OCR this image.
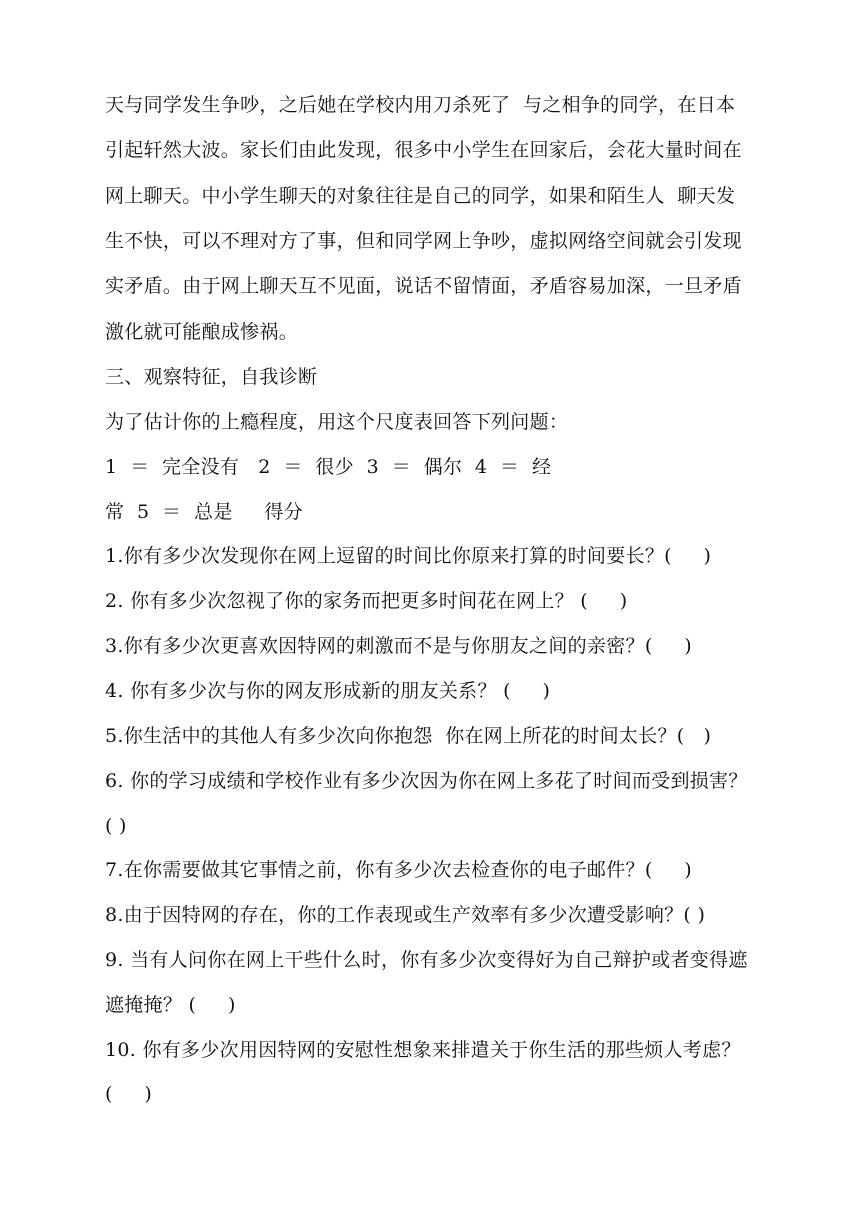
天与同学发生争吵，之后她在学校内用刀杀死了  与之相争的同学，在日本
引起轩然大波。家长们由此发现，很多中小学生在回家后，会花大量时间在
网上聊天。中小学生聊天的对象往往是自己的同学，如果和陌生人  聊天发
生不快，可以不理对方了事，但和同学网上争吵，虚拟网络空间就会引发现
实矛盾。由于网上聊天互不见面，说话不留情面，矛盾容易加深，一旦矛盾
激化就可能酿成惨祸。
三、观察特征，自我诊断
为了估计你的上瘾程度，用这个尺度表回答下列问题：
1  ＝  完全没有   2  ＝  很少  3  ＝  偶尔  4  ＝  经
常  5  ＝  总是     得分
1.你有多少次发现你在网上逗留的时间比你原来打算的时间要长？(     )
2. 你有多少次忽视了你的家务而把更多时间花在网上？ (     )
3.你有多少次更喜欢因特网的刺激而不是与你朋友之间的亲密？(     )
4. 你有多少次与你的网友形成新的朋友关系？ (     )
5.你生活中的其他人有多少次向你抱怨  你在网上所花的时间太长？(   )
6. 你的学习成绩和学校作业有多少次因为你在网上多花了时间而受到损害？
( )
7.在你需要做其它事情之前，你有多少次去检查你的电子邮件？(     )
8.由于因特网的存在，你的工作表现或生产效率有多少次遭受影响？( )
9. 当有人问你在网上干些什么时，你有多少次变得好为自己辩护或者变得遮
遮掩掩？ (     )
10. 你有多少次用因特网的安慰性想象来排遣关于你生活的那些烦人考虑？
(     )
